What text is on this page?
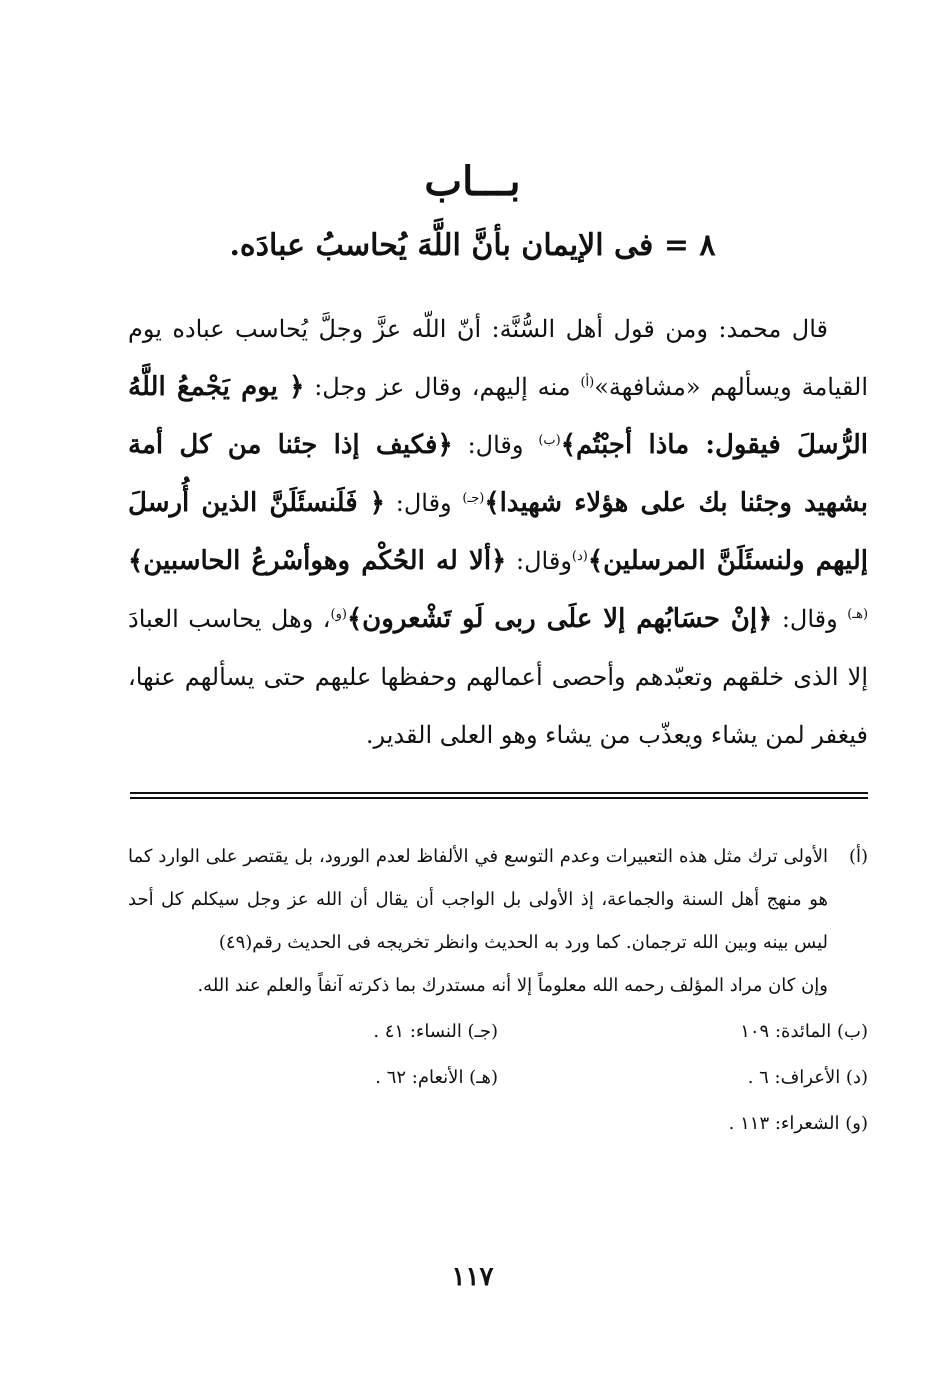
بـــاب
٨ = فى الإيمان بأنَّ اللَّهَ يُحاسبُ عبادَه.

قال محمد: ومن قول أهل السُّنَّة: أنّ اللّه عزَّ وجلَّ يُحاسب عباده يوم القيامة ويسألهم «مشافهة»$^{(أ)}$ منه إليهم، وقال عز وجل: ﴿ يوم يَجْمعُ اللَّهُ الرُّسلَ فيقول: ماذا أجبْتُم﴾$^{(ب)}$ وقال: ﴿فكيف إذا جئنا من كل أمة بشهيد وجئنا بك على هؤلاء شهيدا﴾$^{(جـ)}$ وقال: ﴿ فَلَنسئَلَنَّ الذين أُرسلَ إليهم ولنسئَلَنَّ المرسلين﴾$^{(د)}$وقال: ﴿ألا له الحُكْم وهوأسْرعُ الحاسبين﴾$^{(هـ)}$ وقال: ﴿إنْ حسَابُهم إلا علَى ربى لَو تَشْعرون﴾$^{(و)}$، وهل يحاسب العبادَ إلا الذى خلقهم وتعبّدهم وأحصى أعمالهم وحفظها عليهم حتى يسألهم عنها، فيغفر لمن يشاء ويعذّب من يشاء وهو العلى القدير.

(أ)

الأولى ترك مثل هذه التعبيرات وعدم التوسع في الألفاظ لعدم الورود، بل يقتصر على الوارد كما هو منهج أهل السنة والجماعة، إذ الأولى بل الواجب أن يقال أن الله عز وجل سيكلم كل أحد ليس بينه وبين الله ترجمان. كما ورد به الحديث وانظر تخريجه فى الحديث رقم(٤٩)

وإن كان مراد المؤلف رحمه الله معلوماً إلا أنه مستدرك بما ذكرته آنفاً والعلم عند الله.

(ب) المائدة: ١٠٩
(جـ) النساء: ٤١ .
(د) الأعراف: ٦ .
(هـ) الأنعام: ٦٢ .
(و) الشعراء: ١١٣ .
١١٧
